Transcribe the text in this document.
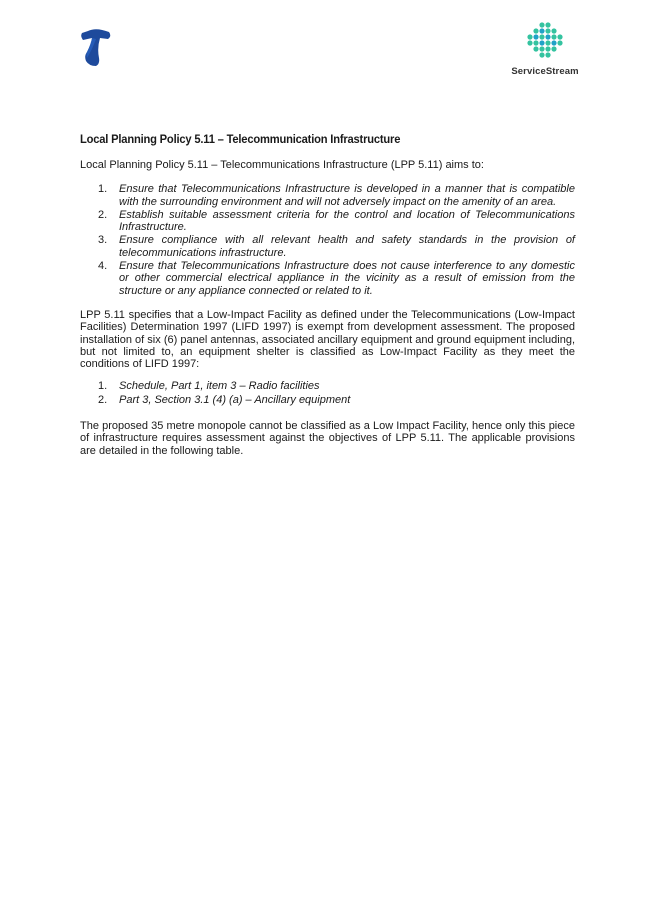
ServiceStream
Local Planning Policy 5.11 – Telecommunication Infrastructure

Local Planning Policy 5.11 – Telecommunications Infrastructure (LPP 5.11) aims to:

1. Ensure that Telecommunications Infrastructure is developed in a manner that is compatible with the surrounding environment and will not adversely impact on the amenity of an area.
2. Establish suitable assessment criteria for the control and location of Telecommunications Infrastructure.
3. Ensure compliance with all relevant health and safety standards in the provision of telecommunications infrastructure.
4. Ensure that Telecommunications Infrastructure does not cause interference to any domestic or other commercial electrical appliance in the vicinity as a result of emission from the structure or any appliance connected or related to it.

LPP 5.11 specifies that a Low-Impact Facility as defined under the Telecommunications (Low-Impact Facilities) Determination 1997 (LIFD 1997) is exempt from development assessment. The proposed installation of six (6) panel antennas, associated ancillary equipment and ground equipment including, but not limited to, an equipment shelter is classified as Low-Impact Facility as they meet the conditions of LIFD 1997:

1. Schedule, Part 1, item 3 – Radio facilities
2. Part 3, Section 3.1 (4) (a) – Ancillary equipment

The proposed 35 metre monopole cannot be classified as a Low Impact Facility, hence only this piece of infrastructure requires assessment against the objectives of LPP 5.11. The applicable provisions are detailed in the following table.
